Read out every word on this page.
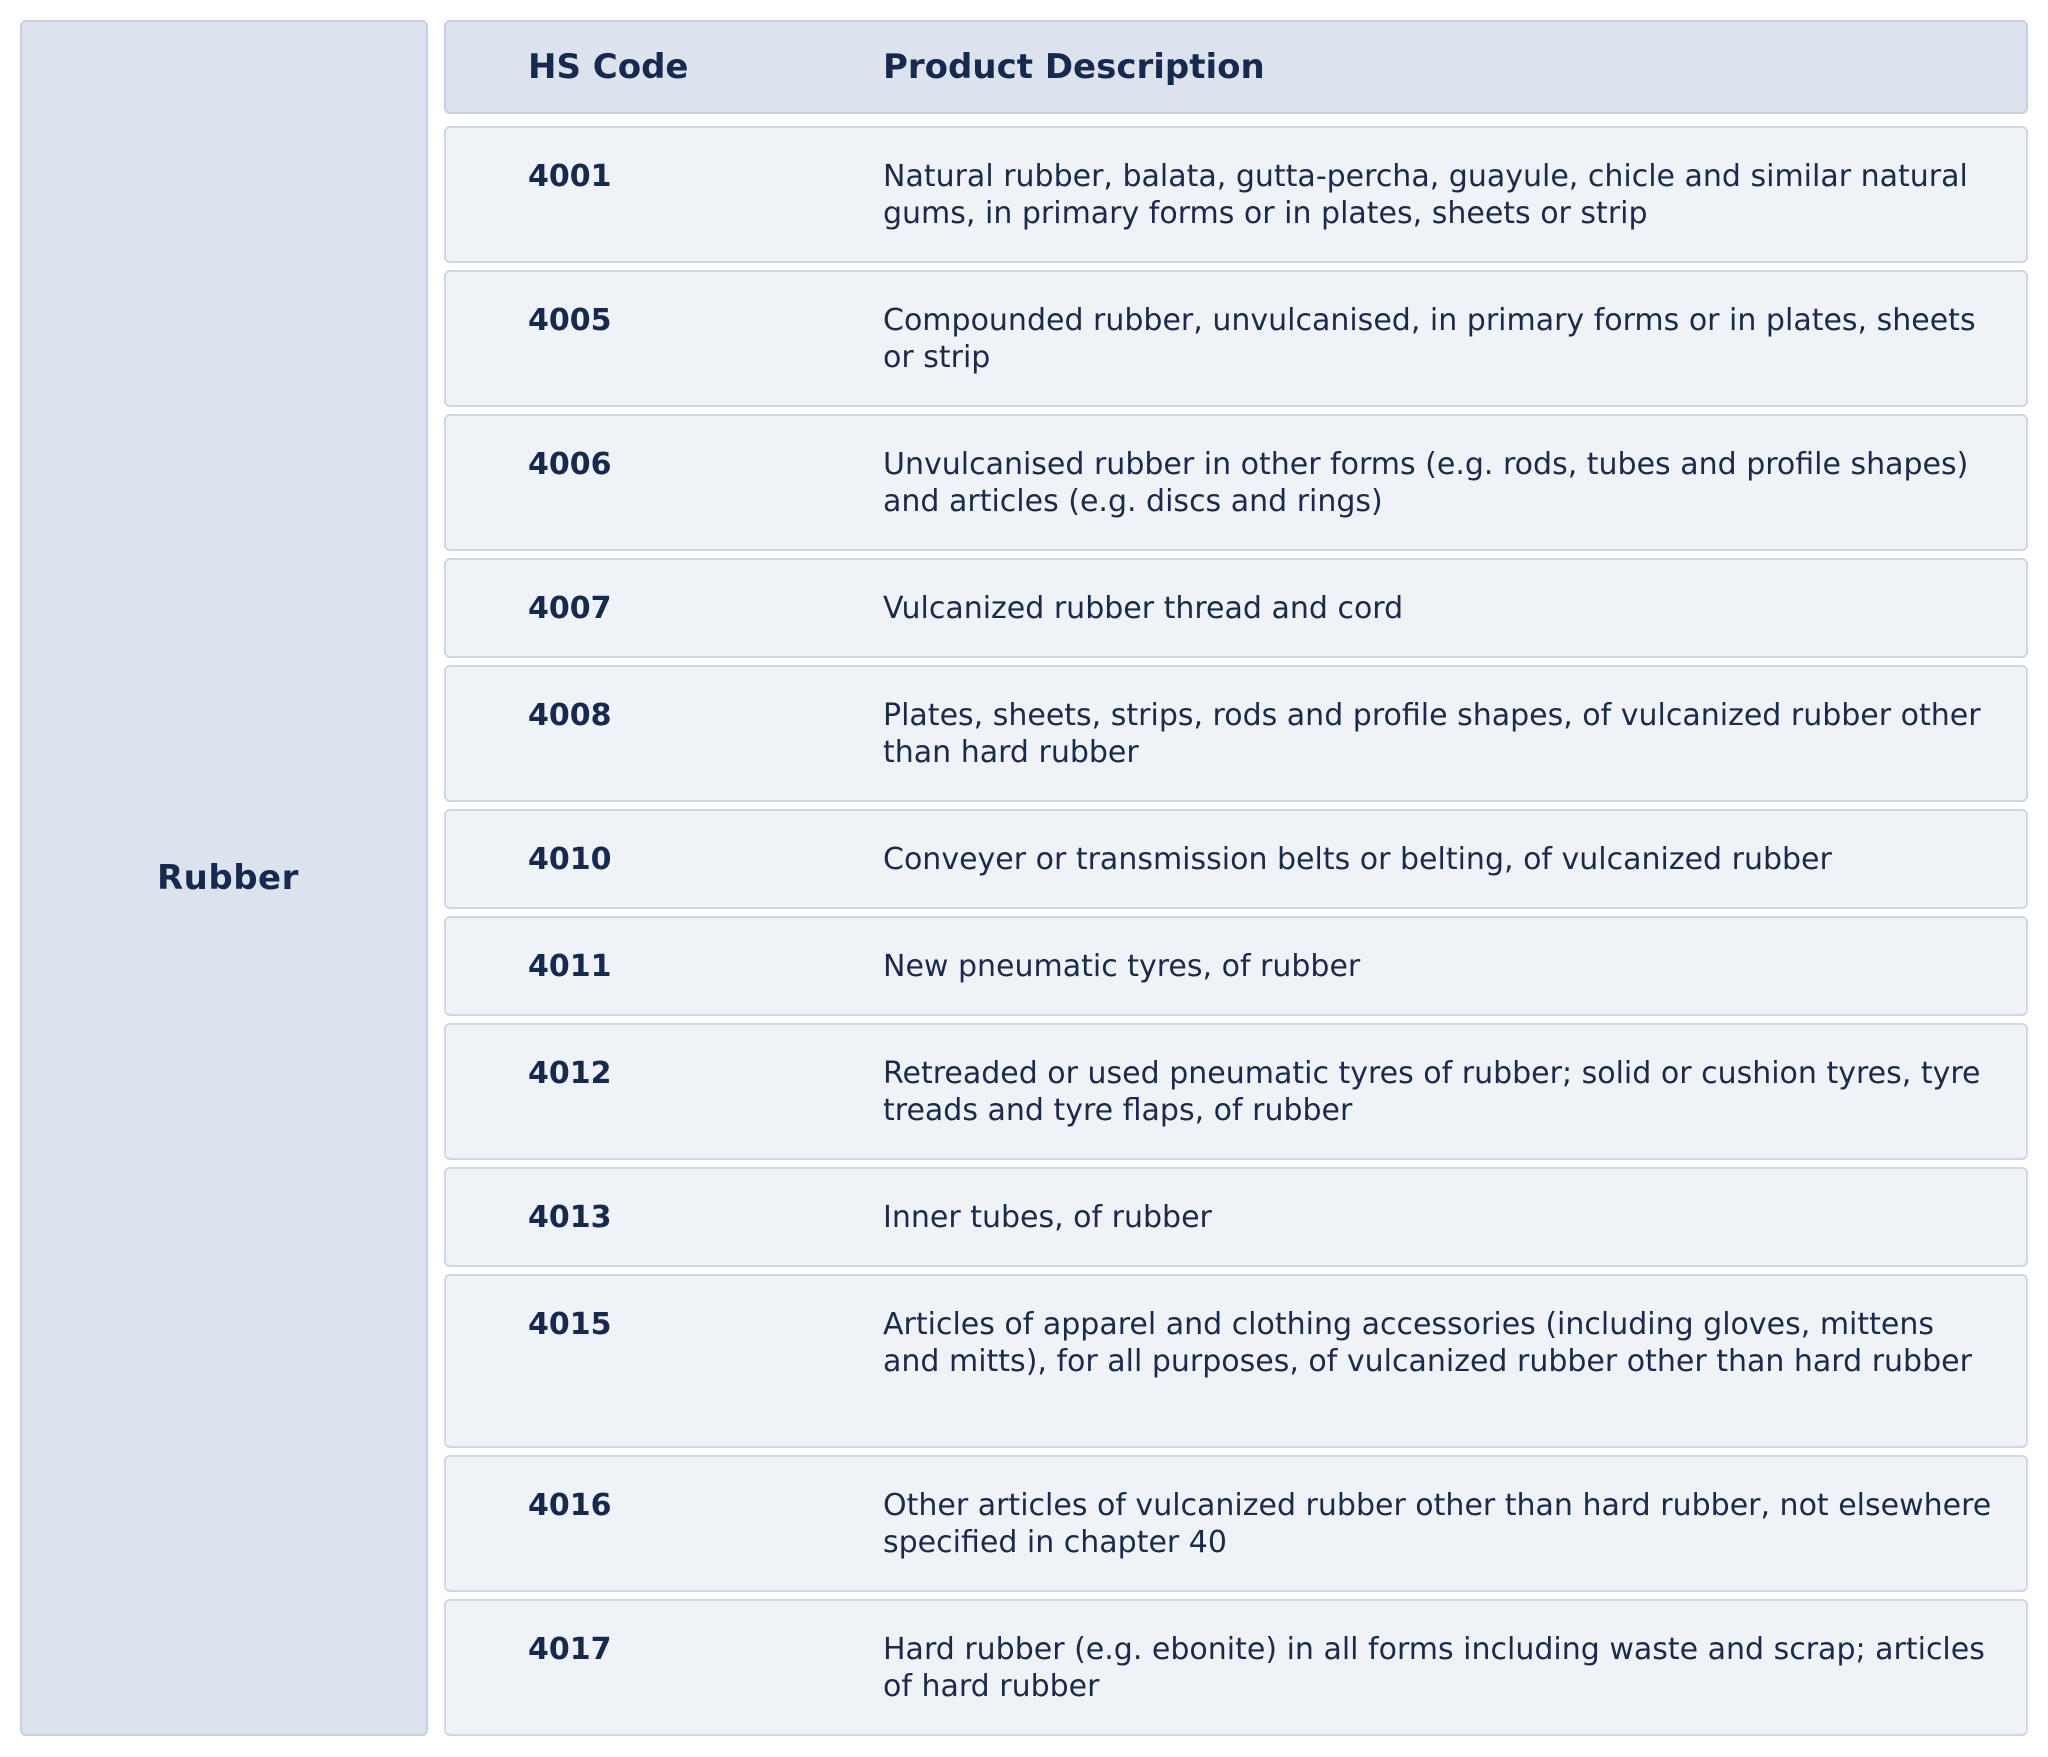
Rubber
HS Code	Product Description
4001	Natural rubber, balata, gutta-percha, guayule, chicle and similar natural gums, in primary forms or in plates, sheets or strip
4005	Compounded rubber, unvulcanised, in primary forms or in plates, sheets or strip
4006	Unvulcanised rubber in other forms (e.g. rods, tubes and profile shapes) and articles (e.g. discs and rings)
4007	Vulcanized rubber thread and cord
4008	Plates, sheets, strips, rods and profile shapes, of vulcanized rubber other than hard rubber
4010	Conveyer or transmission belts or belting, of vulcanized rubber
4011	New pneumatic tyres, of rubber
4012	Retreaded or used pneumatic tyres of rubber; solid or cushion tyres, tyre treads and tyre flaps, of rubber
4013	Inner tubes, of rubber
4015	Articles of apparel and clothing accessories (including gloves, mittens and mitts), for all purposes, of vulcanized rubber other than hard rubber
4016	Other articles of vulcanized rubber other than hard rubber, not elsewhere specified in chapter 40
4017	Hard rubber (e.g. ebonite) in all forms including waste and scrap; articles of hard rubber
